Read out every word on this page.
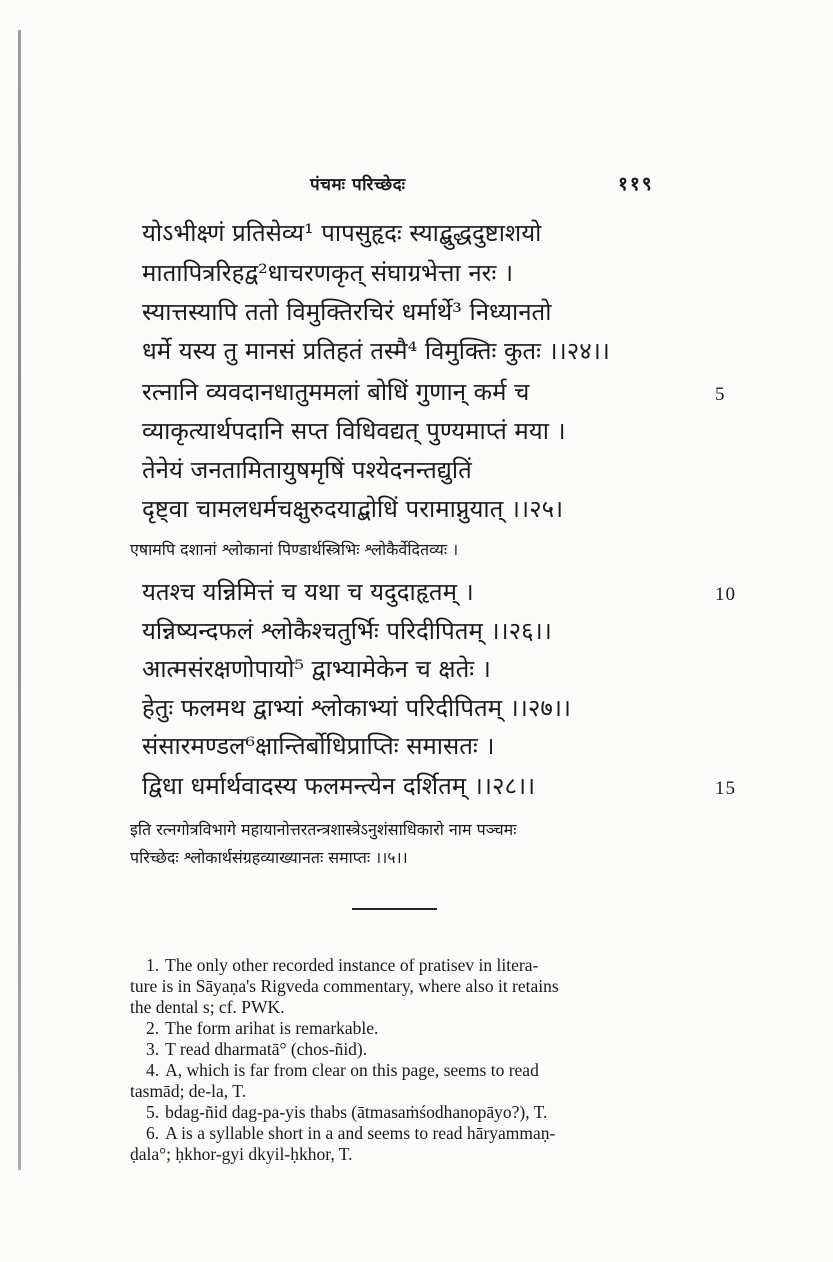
पंचमः परिच्छेदः	११९
योऽभीक्ष्णं प्रतिसेव्य¹ पापसुहृदः स्याद्बुद्धदुष्टाशयो
मातापित्ररिहद्व²धाचरणकृत् संघाग्रभेत्ता नरः ।
स्यात्तस्यापि ततो विमुक्तिरचिरं धर्मार्थे³ निध्यानतो
धर्मे यस्य तु मानसं प्रतिहतं तस्मै⁴ विमुक्तिः कुतः ।।२४।।
रत्नानि व्यवदानधातुममलां बोधिं गुणान् कर्म च	5
व्याकृत्यार्थपदानि सप्त विधिवद्यत् पुण्यमाप्तं मया ।
तेनेयं जनतामितायुषमृषिं पश्येदनन्तद्युतिं
दृष्ट्वा चामलधर्मचक्षुरुदयाद्बोधिं परामाप्नुयात् ।।२५।
एषामपि दशानां श्लोकानां पिण्डार्थस्त्रिभिः श्लोकैर्वेदितव्यः ।
यतश्च यन्निमित्तं च यथा च यदुदाहृतम् ।	10
यन्निष्यन्दफलं श्लोकैश्चतुर्भिः परिदीपितम् ।।२६।।
आत्मसंरक्षणोपायो⁵ द्वाभ्यामेकेन च क्षतेः ।
हेतुः फलमथ द्वाभ्यां श्लोकाभ्यां परिदीपितम् ।।२७।।
संसारमण्डल⁶क्षान्तिर्बोधिप्राप्तिः समासतः ।
द्विधा धर्मार्थवादस्य फलमन्त्येन दर्शितम् ।।२८।।	15
इति रत्नगोत्रविभागे महायानोत्तरतन्त्रशास्त्रेऽनुशंसाधिकारो नाम पञ्चमः
परिच्छेदः श्लोकार्थसंग्रहव्याख्यानतः समाप्तः ।।५।।

1. The only other recorded instance of pratisev in litera-

ture is in Sāyaṇa's Rigveda commentary, where also it retains

the dental s; cf. PWK.

2. The form arihat is remarkable.

3. T read dharmatā° (chos-ñid).

4. A, which is far from clear on this page, seems to read

tasmād; de-la, T.

5. bdag-ñid dag-pa-yis thabs (ātmasaṁśodhanopāyo?), T.

6. A is a syllable short in a and seems to read hāryammaṇ-

ḍala°; ḥkhor-gyi dkyil-ḥkhor, T.
